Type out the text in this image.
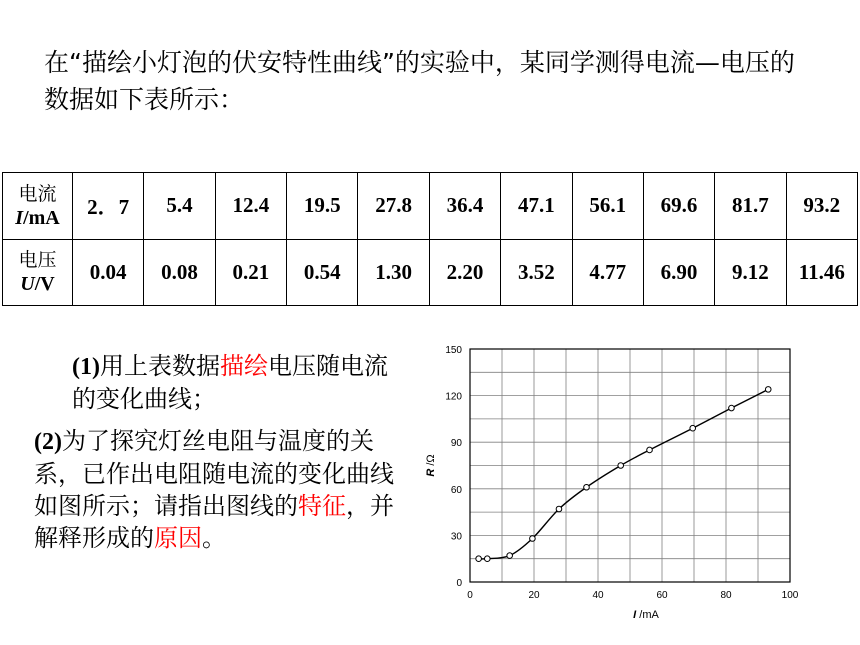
在“描绘小灯泡的伏安特性曲线”的实验中，某同学测得电流—电压的数据如下表所示：
电流
I/mA	2．7	5.4	12.4	19.5	27.8	36.4	47.1	56.1	69.6	81.7	93.2

电压
U/V	0.04	0.08	0.21	0.54	1.30	2.20	3.52	4.77	6.90	9.12	11.46
(1)用上表数据描绘电压随电流的变化曲线；
(2)为了探究灯丝电阻与温度的关系，已作出电阻随电流的变化曲线如图所示；请指出图线的特征，并解释形成的原因。
0	20	40	60	80	100
0
30
60
90
120
150
I /mA
R /Ω
